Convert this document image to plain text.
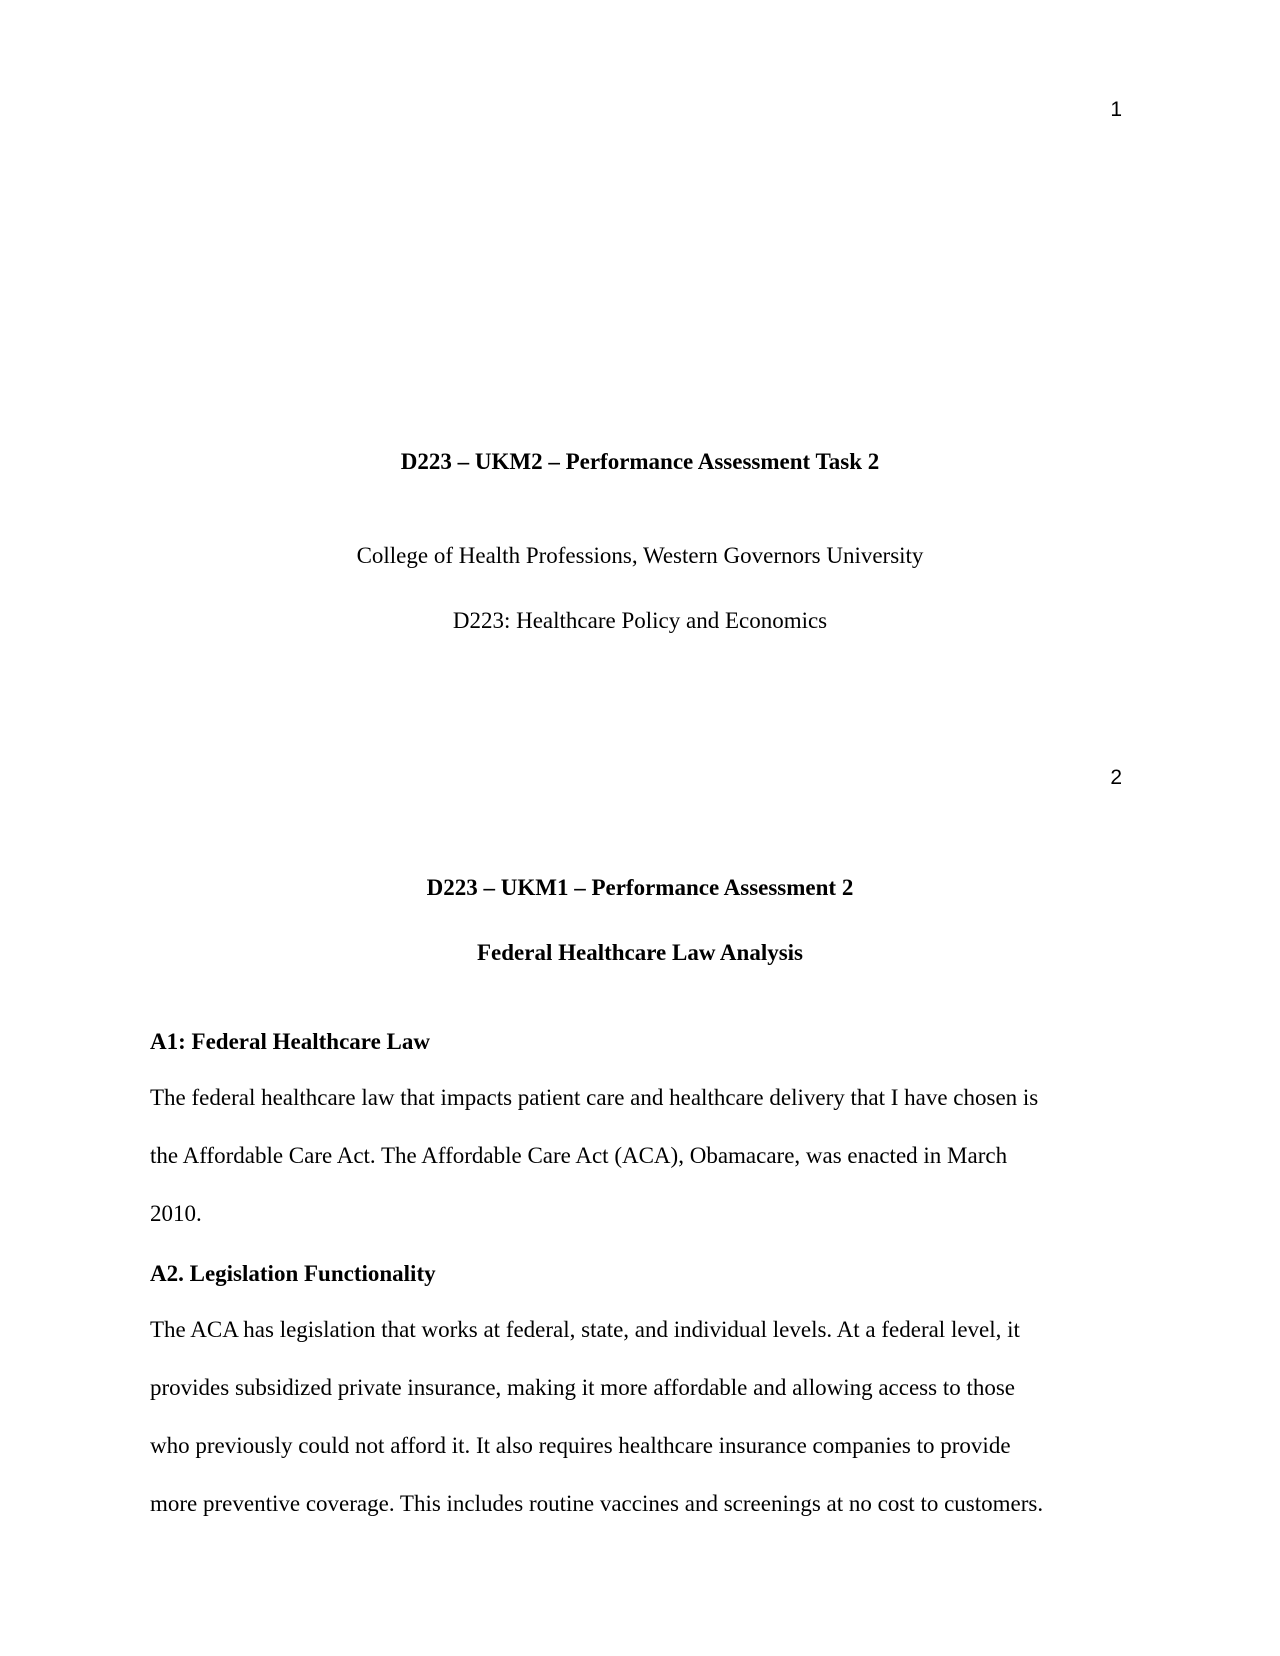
1
D223 – UKM2 – Performance Assessment Task 2
College of Health Professions, Western Governors University
D223: Healthcare Policy and Economics
2
D223 – UKM1 – Performance Assessment 2
Federal Healthcare Law Analysis
A1: Federal Healthcare Law

The federal healthcare law that impacts patient care and healthcare delivery that I have chosen is
the Affordable Care Act. The Affordable Care Act (ACA), Obamacare, was enacted in March
2010.

A2. Legislation Functionality

The ACA has legislation that works at federal, state, and individual levels. At a federal level, it
provides subsidized private insurance, making it more affordable and allowing access to those
who previously could not afford it. It also requires healthcare insurance companies to provide
more preventive coverage. This includes routine vaccines and screenings at no cost to customers.
